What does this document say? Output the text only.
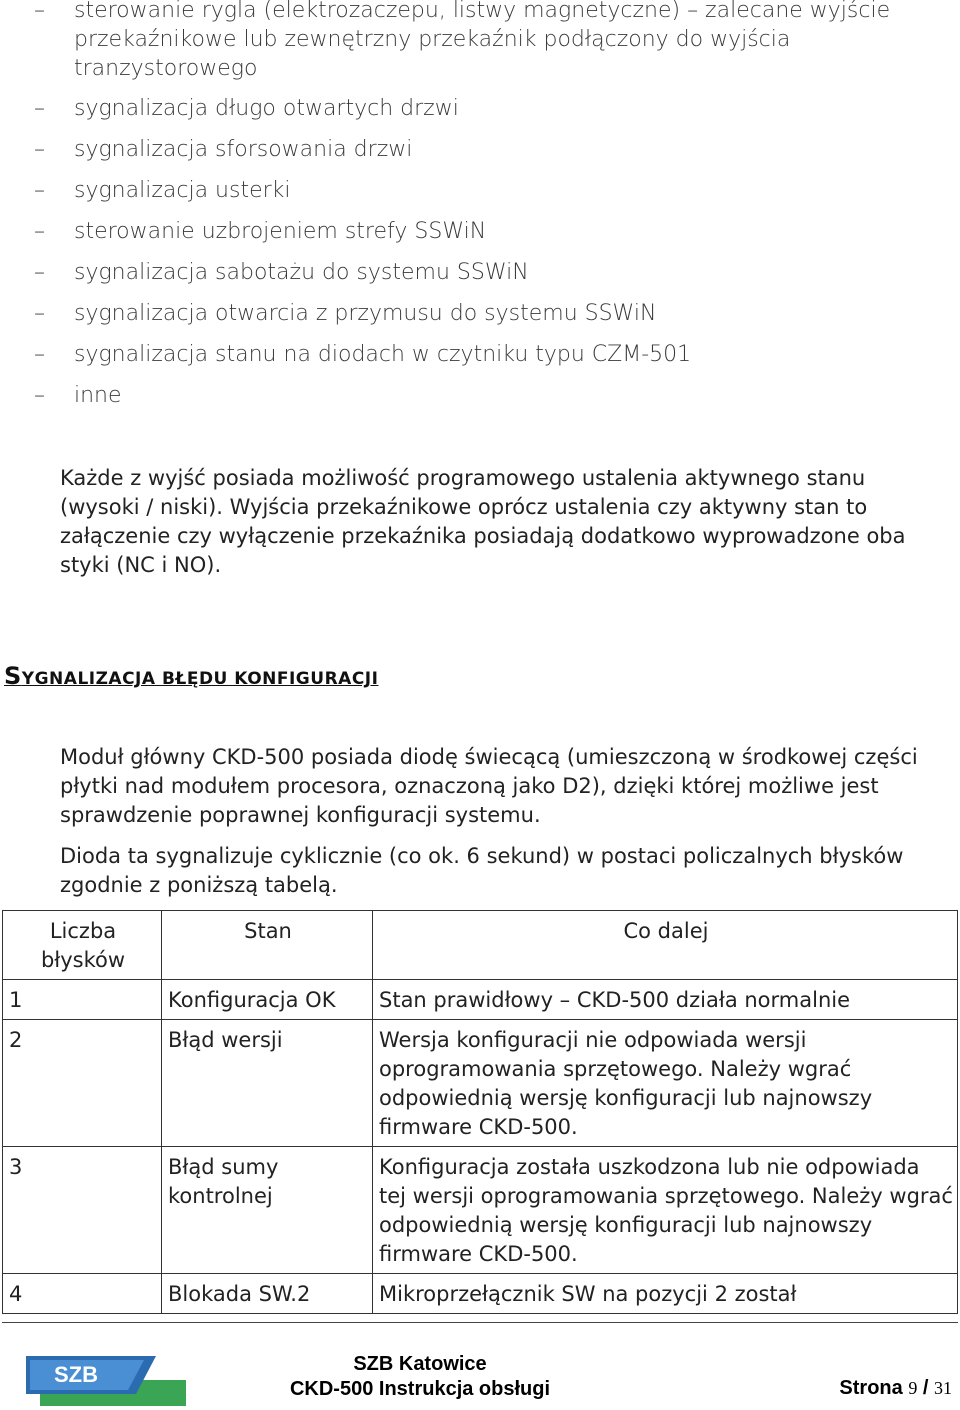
– sterowanie rygla (elektrozaczepu, listwy magnetyczne) – zalecane wyjście przekaźnikowe lub zewnętrzny przekaźnik podłączony do wyjścia tranzystorowego
– sygnalizacja długo otwartych drzwi
– sygnalizacja sforsowania drzwi
– sygnalizacja usterki
– sterowanie uzbrojeniem strefy SSWiN
– sygnalizacja sabotażu do systemu SSWiN
– sygnalizacja otwarcia z przymusu do systemu SSWiN
– sygnalizacja stanu na diodach w czytniku typu CZM-501
– inne
Każde z wyjść posiada możliwość programowego ustalenia aktywnego stanu (wysoki / niski). Wyjścia przekaźnikowe oprócz ustalenia czy aktywny stan to załączenie czy wyłączenie przekaźnika posiadają dodatkowo wyprowadzone oba styki (NC i NO).
SYGNALIZACJA BŁĘDU KONFIGURACJI
Moduł główny CKD-500 posiada diodę świecącą (umieszczoną w środkowej części płytki nad modułem procesora, oznaczoną jako D2), dzięki której możliwe jest sprawdzenie poprawnej konfiguracji systemu.
Dioda ta sygnalizuje cyklicznie (co ok. 6 sekund) w postaci policzalnych błysków zgodnie z poniższą tabelą.
Liczba błysków	Stan	Co dalej
1	Konfiguracja OK	Stan prawidłowy – CKD-500 działa normalnie
2	Błąd wersji	Wersja konfiguracji nie odpowiada wersji oprogramowania sprzętowego. Należy wgrać odpowiednią wersję konfiguracji lub najnowszy firmware CKD-500.
3	Błąd sumy kontrolnej	Konfiguracja została uszkodzona lub nie odpowiada tej wersji oprogramowania sprzętowego. Należy wgrać odpowiednią wersję konfiguracji lub najnowszy firmware CKD-500.
4	Blokada SW.2	Mikroprzełącznik SW na pozycji 2 został
SZB	SZB Katowice
CKD-500 Instrukcja obsługi	Strona 9 / 31
